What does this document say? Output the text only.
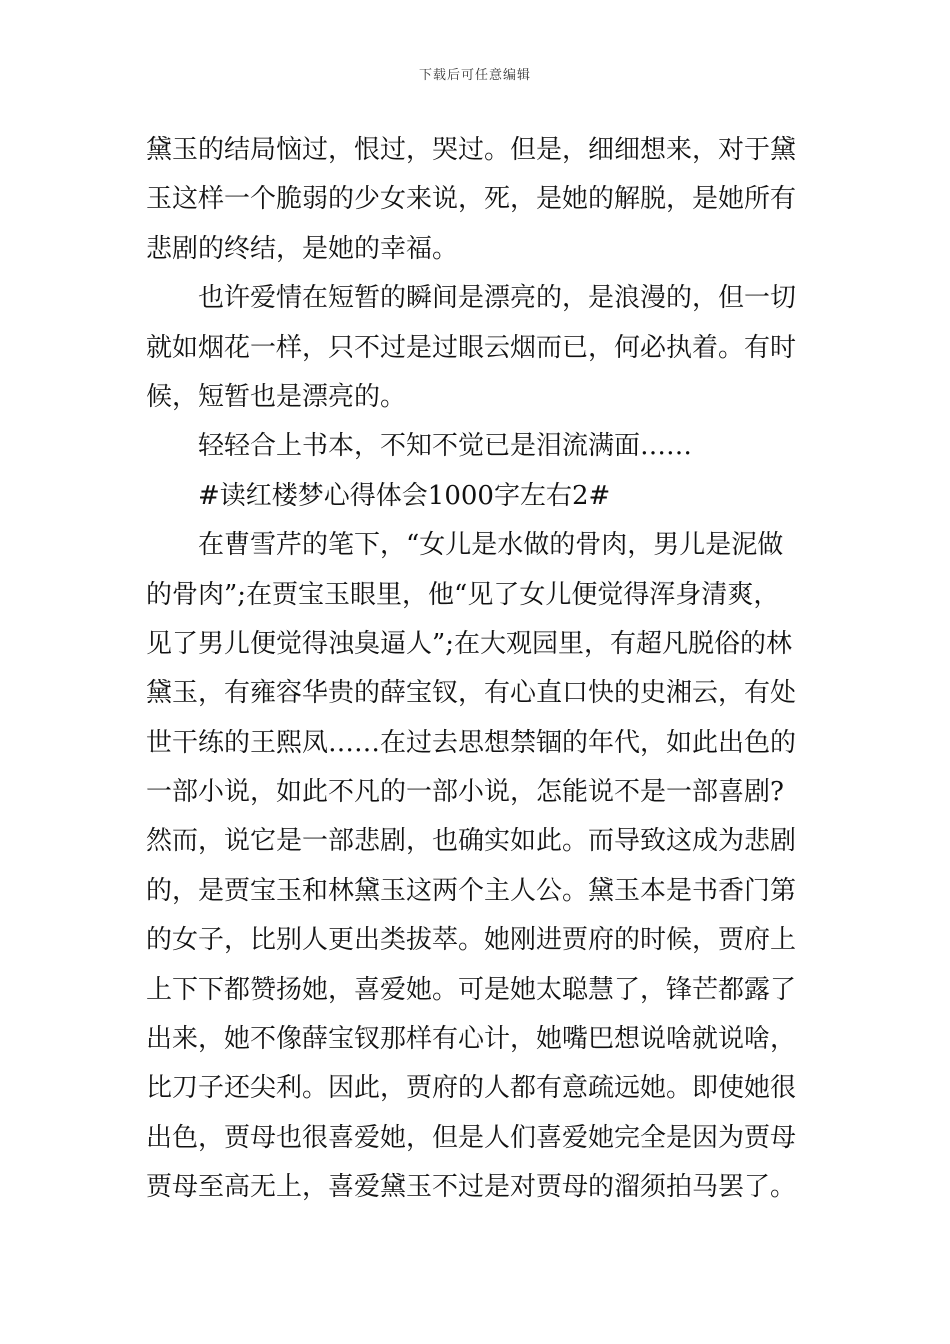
下载后可任意编辑
黛玉的结局恼过，恨过，哭过。但是，细细想来，对于黛
玉这样一个脆弱的少女来说，死，是她的解脱，是她所有
悲剧的终结，是她的幸福。
也许爱情在短暂的瞬间是漂亮的，是浪漫的，但一切
就如烟花一样，只不过是过眼云烟而已，何必执着。有时
候，短暂也是漂亮的。
轻轻合上书本，不知不觉已是泪流满面……
#读红楼梦心得体会1000字左右2#
在曹雪芹的笔下，“女儿是水做的骨肉，男儿是泥做
的骨肉”;在贾宝玉眼里，他“见了女儿便觉得浑身清爽，
见了男儿便觉得浊臭逼人”;在大观园里，有超凡脱俗的林
黛玉，有雍容华贵的薛宝钗，有心直口快的史湘云，有处
世干练的王熙凤……在过去思想禁锢的年代，如此出色的
一部小说，如此不凡的一部小说，怎能说不是一部喜剧?
然而，说它是一部悲剧，也确实如此。而导致这成为悲剧
的，是贾宝玉和林黛玉这两个主人公。黛玉本是书香门第
的女子，比别人更出类拔萃。她刚进贾府的时候，贾府上
上下下都赞扬她，喜爱她。可是她太聪慧了，锋芒都露了
出来，她不像薛宝钗那样有心计，她嘴巴想说啥就说啥，
比刀子还尖利。因此，贾府的人都有意疏远她。即使她很
出色，贾母也很喜爱她，但是人们喜爱她完全是因为贾母
贾母至高无上，喜爱黛玉不过是对贾母的溜须拍马罢了。
